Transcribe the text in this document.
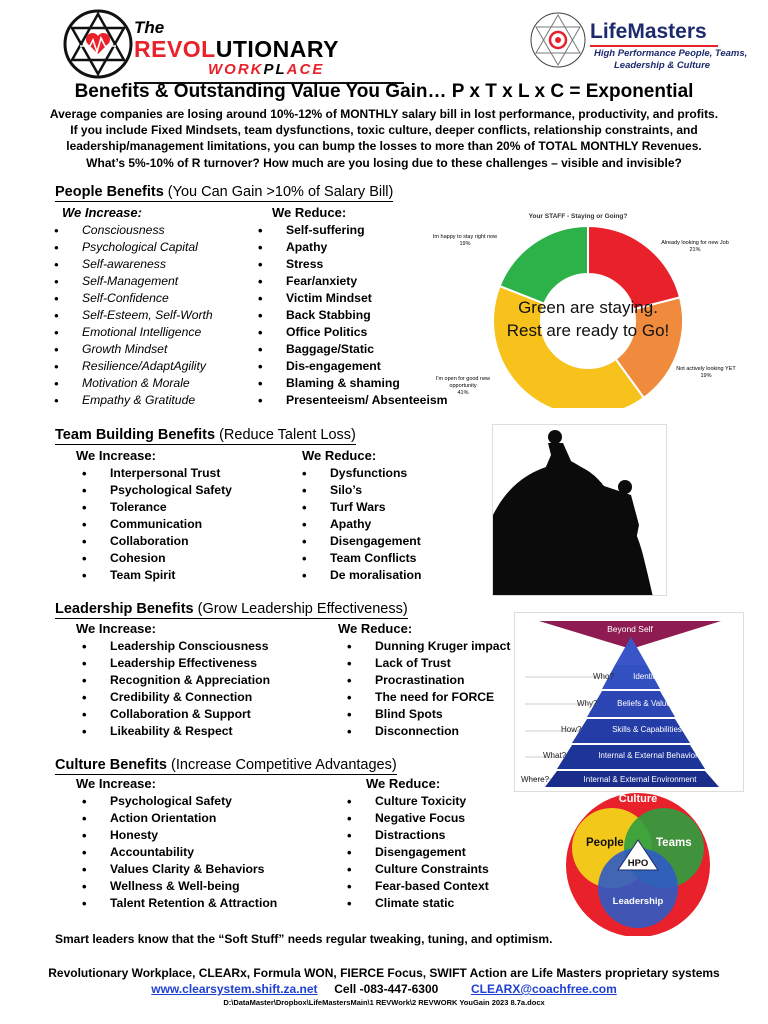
The
REVOLUTIONARY
WORKPLACE
LifeMasters
High Performance People, Teams,
Leadership & Culture
Benefits & Outstanding Value You Gain… P x T x L x C = Exponential
Average companies are losing around 10%-12% of MONTHLY salary bill in lost performance, productivity, and profits.
If you include Fixed Mindsets, team dysfunctions, toxic culture, deeper conflicts, relationship constraints, and
leadership/management limitations, you can bump the losses to more than 20% of TOTAL MONTHLY Revenues.
What’s 5%-10% of R turnover? How much are you losing due to these challenges – visible and invisible?
People Benefits (You Can Gain >10% of Salary Bill)
We Increase:
• Consciousness
• Psychological Capital
• Self-awareness
• Self-Management
• Self-Confidence
• Self-Esteem, Self-Worth
• Emotional Intelligence
• Growth Mindset
• Resilience/AdaptAgility
• Motivation & Morale
• Empathy & Gratitude
We Reduce:
• Self-suffering
• Apathy
• Stress
• Fear/anxiety
• Victim Mindset
• Back Stabbing
• Office Politics
• Baggage/Static
• Dis-engagement
• Blaming & shaming
• Presenteeism/ Absenteeism
Your STAFF - Staying or Going?
Already looking for new Job
21%
Not actively looking YET
19%
I'm open for good new
opportunity
41%
Im happy to stay right now
19%
Green are staying.
Rest are ready to Go!
Team Building Benefits (Reduce Talent Loss)
We Increase:
• Interpersonal Trust
• Psychological Safety
• Tolerance
• Communication
• Collaboration
• Cohesion
• Team Spirit
We Reduce:
• Dysfunctions
• Silo’s
• Turf Wars
• Apathy
• Disengagement
• Team Conflicts
• De moralisation
Leadership Benefits (Grow Leadership Effectiveness)
We Increase:
• Leadership Consciousness
• Leadership Effectiveness
• Recognition & Appreciation
• Credibility & Connection
• Collaboration & Support
• Likeability & Respect
We Reduce:
• Dunning Kruger impact
• Lack of Trust
• Procrastination
• The need for FORCE
• Blind Spots
• Disconnection
Beyond Self
Who?	Identity
Why?	Beliefs & Values
How?	Skills & Capabilities
What?	Internal & External Behavior
Where?	Internal & External Environment
Culture Benefits (Increase Competitive Advantages)
We Increase:
• Psychological Safety
• Action Orientation
• Honesty
• Accountability
• Values Clarity & Behaviors
• Wellness & Well-being
• Talent Retention & Attraction
We Reduce:
• Culture Toxicity
• Negative Focus
• Distractions
• Disengagement
• Culture Constraints
• Fear-based Context
• Climate static
Culture
People	Teams
HPO
Leadership
Smart leaders know that the “Soft Stuff” needs regular tweaking, tuning, and optimism.
Revolutionary Workplace, CLEARx, Formula WON, FIERCE Focus, SWIFT Action are Life Masters proprietary systems
www.clearsystem.shift.za.net Cell -083-447-6300	CLEARX@coachfree.com
D:\DataMaster\Dropbox\LifeMastersMain\1 REVWork\2 REVWORK YouGain 2023 8.7a.docx
